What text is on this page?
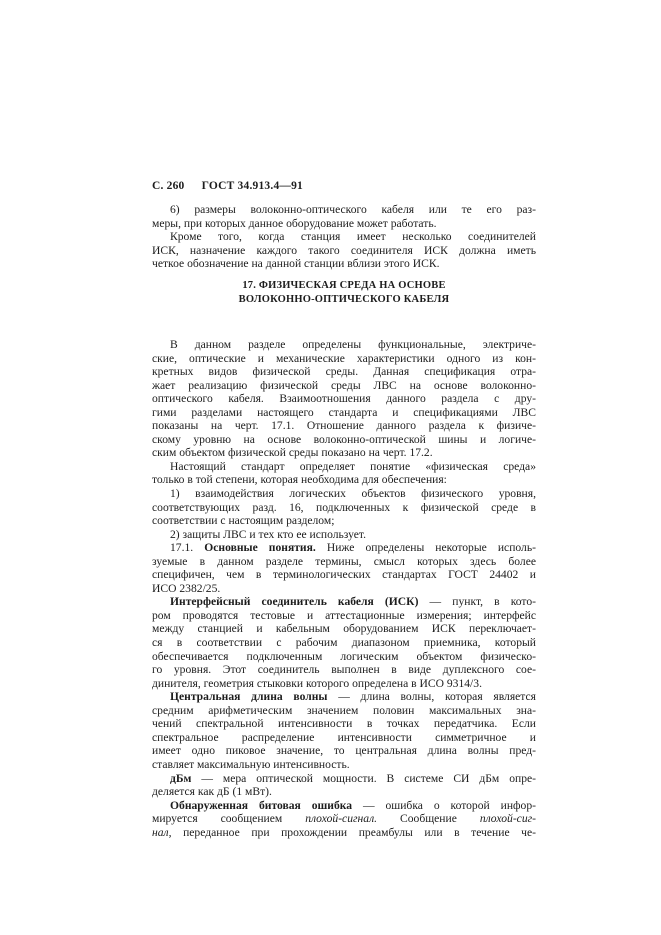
С. 260 ГОСТ 34.913.4—91
6) размеры волоконно-оптического кабеля или те его раз-
меры, при которых данное оборудование может работать.
Кроме того, когда станция имеет несколько соединителей
ИСК, назначение каждого такого соединителя ИСК должна иметь
четкое обозначение на данной станции вблизи этого ИСК.
17. ФИЗИЧЕСКАЯ СРЕДА НА ОСНОВЕ
ВОЛОКОННО-ОПТИЧЕСКОГО КАБЕЛЯ
В данном разделе определены функциональные, электриче-
ские, оптические и механические характеристики одного из кон-
кретных видов физической среды. Данная спецификация отра-
жает реализацию физической среды ЛВС на основе волоконно-
оптического кабеля. Взаимоотношения данного раздела с дру-
гими разделами настоящего стандарта и спецификациями ЛВС
показаны на черт. 17.1. Отношение данного раздела к физиче-
скому уровню на основе волоконно-оптической шины и логиче-
ским объектом физической среды показано на черт. 17.2.
Настоящий стандарт определяет понятие «физическая среда»
только в той степени, которая необходима для обеспечения:
1) взаимодействия логических объектов физического уровня,
соответствующих разд. 16, подключенных к физической среде в
соответствии с настоящим разделом;
2) защиты ЛВС и тех кто ее использует.
17.1. Основные понятия. Ниже определены некоторые исполь-
зуемые в данном разделе термины, смысл которых здесь более
специфичен, чем в терминологических стандартах ГОСТ 24402 и
ИСО 2382/25.
Интерфейсный соединитель кабеля (ИСК) — пункт, в кото-
ром проводятся тестовые и аттестационные измерения; интерфейс
между станцией и кабельным оборудованием ИСК переключает-
ся в соответствии с рабочим диапазоном приемника, который
обеспечивается подключенным логическим объектом физическо-
го уровня. Этот соединитель выполнен в виде дуплексного сое-
динителя, геометрия стыковки которого определена в ИСО 9314/3.
Центральная длина волны — длина волны, которая является
средним арифметическим значением половин максимальных зна-
чений спектральной интенсивности в точках передатчика. Если
спектральное распределение интенсивности симметричное и
имеет одно пиковое значение, то центральная длина волны пред-
ставляет максимальную интенсивность.
дБм — мера оптической мощности. В системе СИ дБм опре-
деляется как дБ (1 мВт).
Обнаруженная битовая ошибка — ошибка о которой инфор-
мируется сообщением плохой-сигнал. Сообщение плохой-сиг-
нал, переданное при прохождении преамбулы или в течение че-
